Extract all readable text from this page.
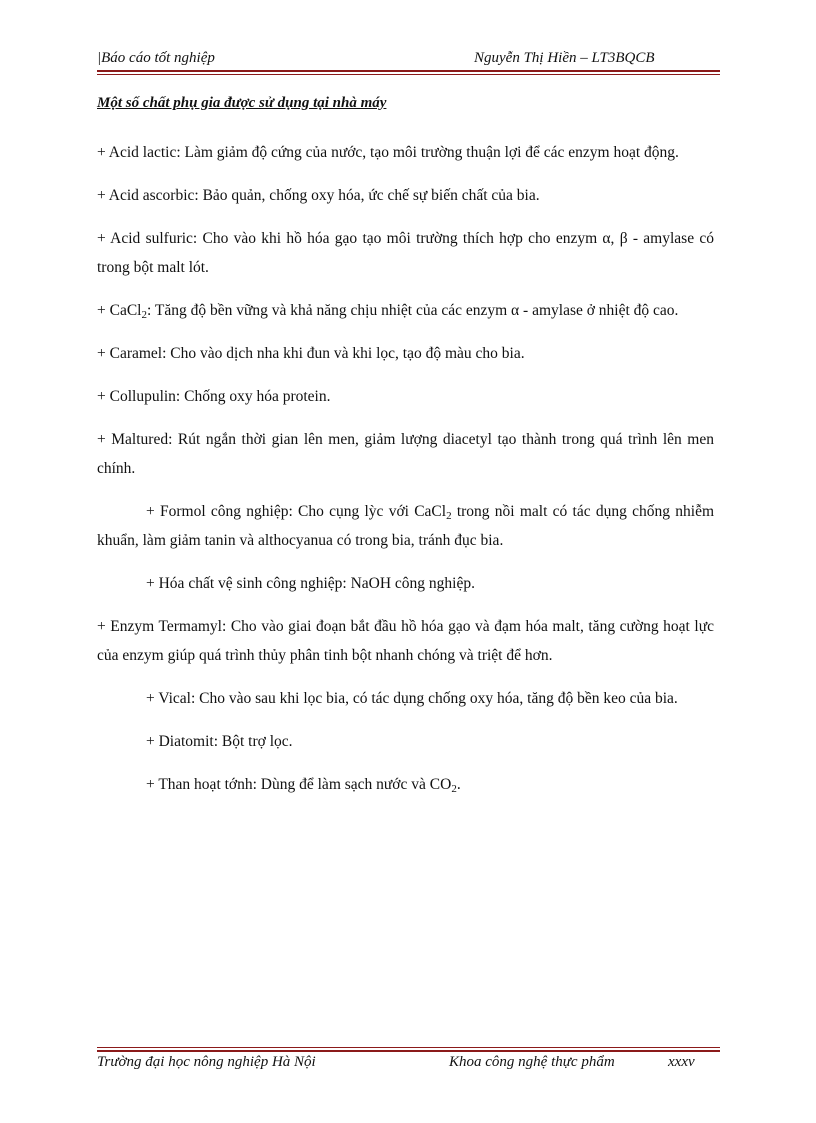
|Báo cáo tốt nghiệp	Nguyễn Thị Hiền – LT3BQCB
Một số chất phụ gia được sử dụng tại nhà máy

+ Acid lactic: Làm giảm độ cứng của nước, tạo môi trường thuận lợi để các enzym hoạt động.

+ Acid ascorbic: Bảo quản, chống oxy hóa, ức chế sự biến chất của bia.

+ Acid sulfuric: Cho vào khi hồ hóa gạo tạo môi trường thích hợp cho enzym α, β - amylase có trong bột malt lót.

+ CaCl$_2$: Tăng độ bền vững và khả năng chịu nhiệt của các enzym α - amylase ở nhiệt độ cao.

+ Caramel: Cho vào dịch nha khi đun và khi lọc, tạo độ màu cho bia.

+ Collupulin: Chống oxy hóa protein.

+ Maltured: Rút ngắn thời gian lên men, giảm lượng diacetyl tạo thành trong quá trình lên men chính.

+ Formol công nghiệp: Cho cụng lỳc với CaCl$_2$ trong nồi malt có tác dụng chống nhiễm khuẩn, làm giảm tanin và althocyanua có trong bia, tránh đục bia.

+ Hóa chất vệ sinh công nghiệp: NaOH công nghiệp.

+ Enzym Termamyl: Cho vào giai đoạn bắt đầu hồ hóa gạo và đạm hóa malt, tăng cường hoạt lực của enzym giúp quá trình thủy phân tinh bột nhanh chóng và triệt để hơn.

+ Vical: Cho vào sau khi lọc bia, có tác dụng chống oxy hóa, tăng độ bền keo của bia.

+ Diatomit: Bột trợ lọc.

+ Than hoạt tớnh: Dùng để làm sạch nước và $CO_2$.

Trường đại học nông nghiệp Hà Nội	Khoa công nghệ thực phẩm	xxxv
